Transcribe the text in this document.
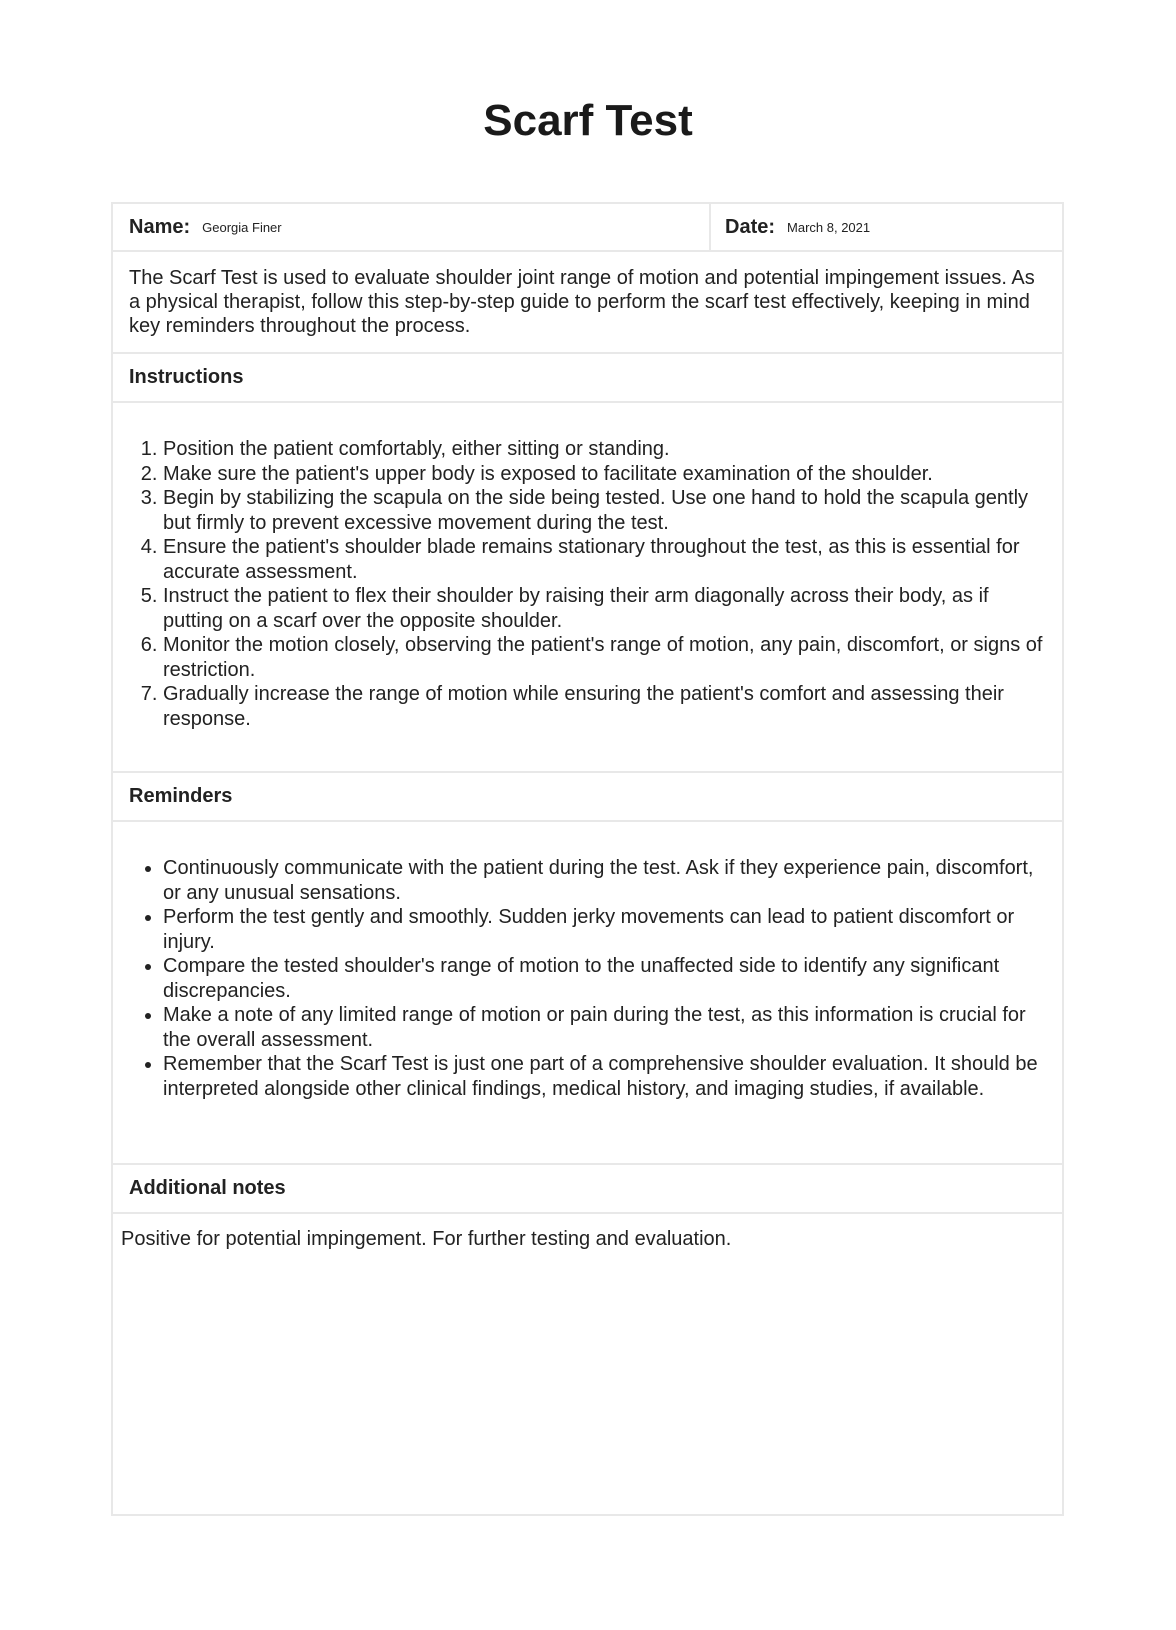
Scarf Test
Name: Georgia Finer	Date: March 8, 2021
The Scarf Test is used to evaluate shoulder joint range of motion and potential impingement issues. As a physical therapist, follow this step-by-step guide to perform the scarf test effectively, keeping in mind key reminders throughout the process.
Instructions
1. Position the patient comfortably, either sitting or standing.
2. Make sure the patient's upper body is exposed to facilitate examination of the shoulder.
3. Begin by stabilizing the scapula on the side being tested. Use one hand to hold the scapula gently but firmly to prevent excessive movement during the test.
4. Ensure the patient's shoulder blade remains stationary throughout the test, as this is essential for accurate assessment.
5. Instruct the patient to flex their shoulder by raising their arm diagonally across their body, as if putting on a scarf over the opposite shoulder.
6. Monitor the motion closely, observing the patient's range of motion, any pain, discomfort, or signs of restriction.
7. Gradually increase the range of motion while ensuring the patient's comfort and assessing their response.
Reminders
• Continuously communicate with the patient during the test. Ask if they experience pain, discomfort, or any unusual sensations.
• Perform the test gently and smoothly. Sudden jerky movements can lead to patient discomfort or injury.
• Compare the tested shoulder's range of motion to the unaffected side to identify any significant discrepancies.
• Make a note of any limited range of motion or pain during the test, as this information is crucial for the overall assessment.
• Remember that the Scarf Test is just one part of a comprehensive shoulder evaluation. It should be interpreted alongside other clinical findings, medical history, and imaging studies, if available.
Additional notes
Positive for potential impingement. For further testing and evaluation.
